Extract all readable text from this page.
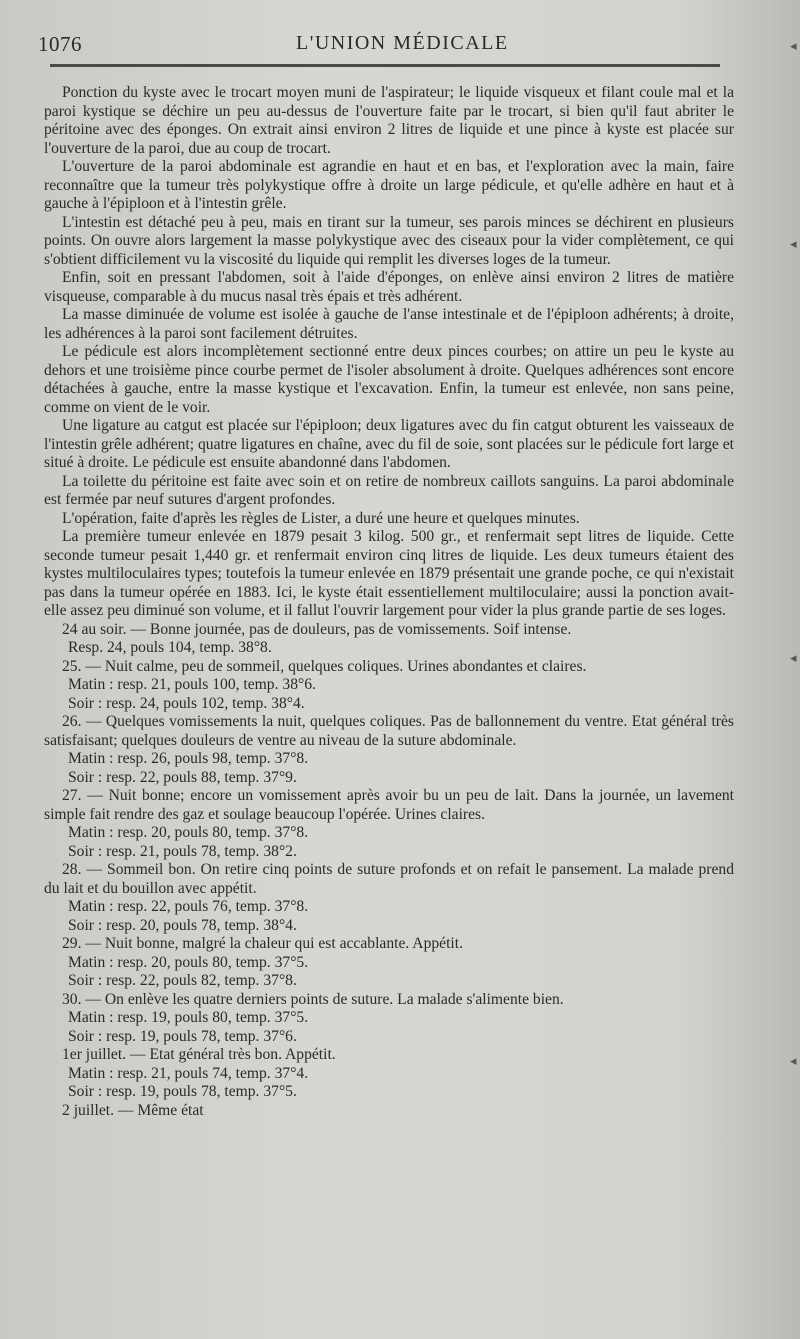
1076	L'UNION MÉDICALE

Ponction du kyste avec le trocart moyen muni de l'aspirateur; le liquide visqueux et filant coule mal et la paroi kystique se déchire un peu au-dessus de l'ouverture faite par le trocart, si bien qu'il faut abriter le péritoine avec des éponges. On extrait ainsi environ 2 litres de liquide et une pince à kyste est placée sur l'ouverture de la paroi, due au coup de trocart.

L'ouverture de la paroi abdominale est agrandie en haut et en bas, et l'exploration avec la main, faire reconnaître que la tumeur très polykystique offre à droite un large pédicule, et qu'elle adhère en haut et à gauche à l'épiploon et à l'intestin grêle.

L'intestin est détaché peu à peu, mais en tirant sur la tumeur, ses parois minces se déchirent en plusieurs points. On ouvre alors largement la masse polykystique avec des ciseaux pour la vider complètement, ce qui s'obtient difficilement vu la viscosité du liquide qui remplit les diverses loges de la tumeur.

Enfin, soit en pressant l'abdomen, soit à l'aide d'éponges, on enlève ainsi environ 2 litres de matière visqueuse, comparable à du mucus nasal très épais et très adhérent.

La masse diminuée de volume est isolée à gauche de l'anse intestinale et de l'épiploon adhérents; à droite, les adhérences à la paroi sont facilement détruites.

Le pédicule est alors incomplètement sectionné entre deux pinces courbes; on attire un peu le kyste au dehors et une troisième pince courbe permet de l'isoler absolument à droite. Quelques adhérences sont encore détachées à gauche, entre la masse kystique et l'excavation. Enfin, la tumeur est enlevée, non sans peine, comme on vient de le voir.

Une ligature au catgut est placée sur l'épiploon; deux ligatures avec du fin catgut obturent les vaisseaux de l'intestin grêle adhérent; quatre ligatures en chaîne, avec du fil de soie, sont placées sur le pédicule fort large et situé à droite. Le pédicule est ensuite abandonné dans l'abdomen.

La toilette du péritoine est faite avec soin et on retire de nombreux caillots sanguins. La paroi abdominale est fermée par neuf sutures d'argent profondes.

L'opération, faite d'après les règles de Lister, a duré une heure et quelques minutes.

La première tumeur enlevée en 1879 pesait 3 kilog. 500 gr., et renfermait sept litres de liquide. Cette seconde tumeur pesait 1,440 gr. et renfermait environ cinq litres de liquide. Les deux tumeurs étaient des kystes multiloculaires types; toutefois la tumeur enlevée en 1879 présentait une grande poche, ce qui n'existait pas dans la tumeur opérée en 1883. Ici, le kyste était essentiellement multiloculaire; aussi la ponction avait-elle assez peu diminué son volume, et il fallut l'ouvrir largement pour vider la plus grande partie de ses loges.

24 au soir. — Bonne journée, pas de douleurs, pas de vomissements. Soif intense.

Resp. 24, pouls 104, temp. 38°8.

25. — Nuit calme, peu de sommeil, quelques coliques. Urines abondantes et claires.

Matin : resp. 21, pouls 100, temp. 38°6.

Soir : resp. 24, pouls 102, temp. 38°4.

26. — Quelques vomissements la nuit, quelques coliques. Pas de ballonnement du ventre. Etat général très satisfaisant; quelques douleurs de ventre au niveau de la suture abdominale.

Matin : resp. 26, pouls 98, temp. 37°8.

Soir : resp. 22, pouls 88, temp. 37°9.

27. — Nuit bonne; encore un vomissement après avoir bu un peu de lait. Dans la journée, un lavement simple fait rendre des gaz et soulage beaucoup l'opérée. Urines claires.

Matin : resp. 20, pouls 80, temp. 37°8.

Soir : resp. 21, pouls 78, temp. 38°2.

28. — Sommeil bon. On retire cinq points de suture profonds et on refait le pansement. La malade prend du lait et du bouillon avec appétit.

Matin : resp. 22, pouls 76, temp. 37°8.

Soir : resp. 20, pouls 78, temp. 38°4.

29. — Nuit bonne, malgré la chaleur qui est accablante. Appétit.

Matin : resp. 20, pouls 80, temp. 37°5.

Soir : resp. 22, pouls 82, temp. 37°8.

30. — On enlève les quatre derniers points de suture. La malade s'alimente bien.

Matin : resp. 19, pouls 80, temp. 37°5.

Soir : resp. 19, pouls 78, temp. 37°6.

1er juillet. — Etat général très bon. Appétit.

Matin : resp. 21, pouls 74, temp. 37°4.

Soir : resp. 19, pouls 78, temp. 37°5.

2 juillet. — Même état

◂
◂
◂
◂
